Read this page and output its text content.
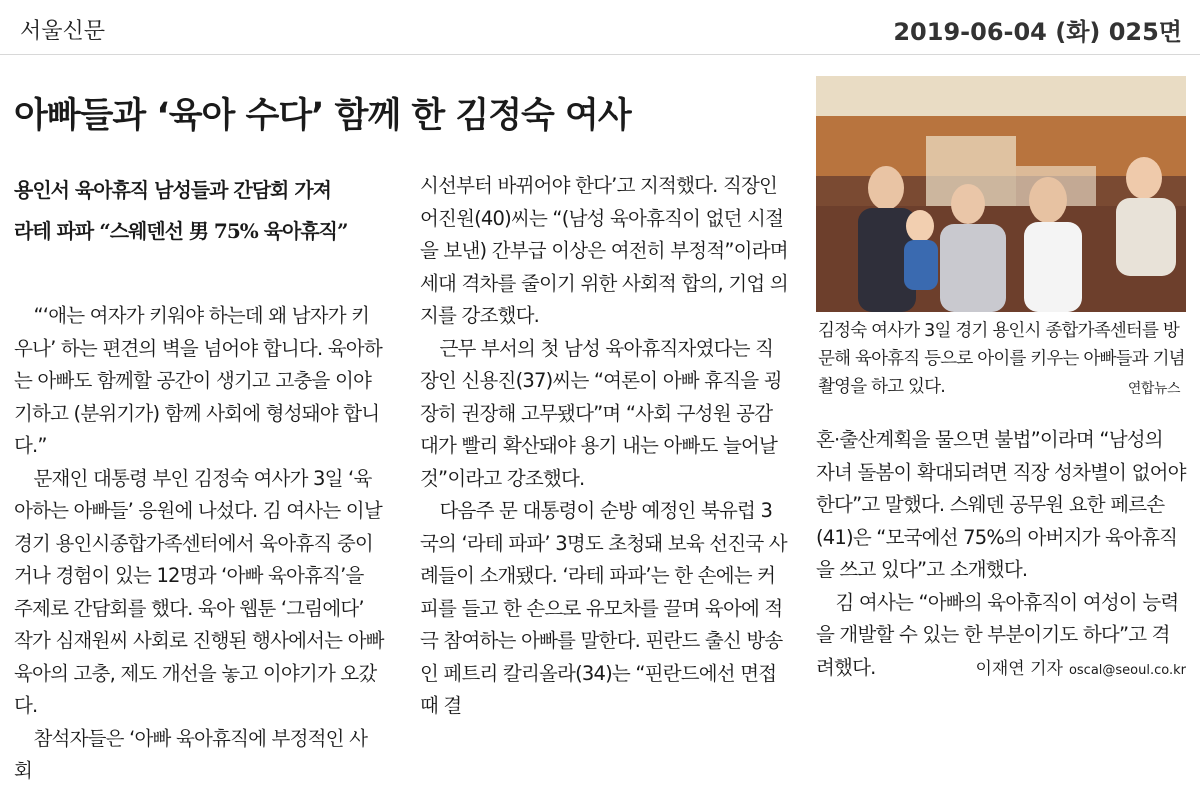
서울신문	2019-06-04 (화) 025면
아빠들과 ‘육아 수다’ 함께 한 김정숙 여사

용인서 육아휴직 남성들과 간담회 가져
라테 파파 “스웨덴선 男 75% 육아휴직”

“‘애는 여자가 키워야 하는데 왜 남자가 키우나’ 하는 편견의 벽을 넘어야 합니다. 육아하는 아빠도 함께할 공간이 생기고 고충을 이야기하고 (분위기가) 함께 사회에 형성돼야 합니다.”

문재인 대통령 부인 김정숙 여사가 3일 ‘육아하는 아빠들’ 응원에 나섰다. 김 여사는 이날 경기 용인시종합가족센터에서 육아휴직 중이거나 경험이 있는 12명과 ‘아빠 육아휴직’을 주제로 간담회를 했다. 육아 웹툰 ‘그림에다’ 작가 심재원씨 사회로 진행된 행사에서는 아빠 육아의 고충, 제도 개선을 놓고 이야기가 오갔다.

참석자들은 ‘아빠 육아휴직에 부정적인 사회

시선부터 바뀌어야 한다’고 지적했다. 직장인 어진원(40)씨는 “(남성 육아휴직이 없던 시절을 보낸) 간부급 이상은 여전히 부정적”이라며 세대 격차를 줄이기 위한 사회적 합의, 기업 의지를 강조했다.

근무 부서의 첫 남성 육아휴직자였다는 직장인 신용진(37)씨는 “여론이 아빠 휴직을 굉장히 권장해 고무됐다”며 “사회 구성원 공감대가 빨리 확산돼야 용기 내는 아빠도 늘어날 것”이라고 강조했다.

다음주 문 대통령이 순방 예정인 북유럽 3국의 ‘라테 파파’ 3명도 초청돼 보육 선진국 사례들이 소개됐다. ‘라테 파파’는 한 손에는 커피를 들고 한 손으로 유모차를 끌며 육아에 적극 참여하는 아빠를 말한다. 핀란드 출신 방송인 페트리 칼리올라(34)는 “핀란드에선 면접 때 결

김정숙 여사가 3일 경기 용인시 종합가족센터를 방문해 육아휴직 등으로 아이를 키우는 아빠들과 기념촬영을 하고 있다.	연합뉴스

혼·출산계획을 물으면 불법”이라며 “남성의 자녀 돌봄이 확대되려면 직장 성차별이 없어야 한다”고 말했다. 스웨덴 공무원 요한 페르손(41)은 “모국에선 75%의 아버지가 육아휴직을 쓰고 있다”고 소개했다.

김 여사는 “아빠의 육아휴직이 여성이 능력을 개발할 수 있는 한 부분이기도 하다”고 격려했다.	이재연 기자 oscal@seoul.co.kr
